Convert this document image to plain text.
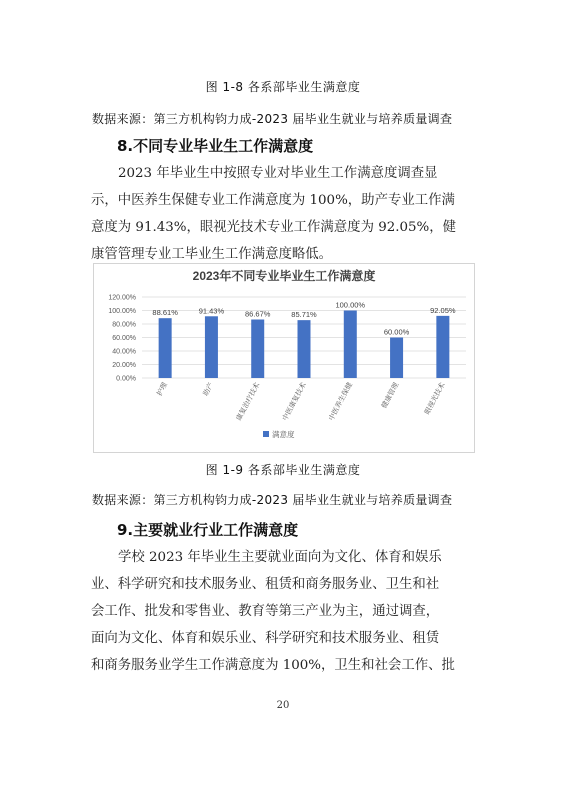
图 1-8 各系部毕业生满意度
数据来源：第三方机构钧力成-2023 届毕业生就业与培养质量调查
8.不同专业毕业生工作满意度
2023 年毕业生中按照专业对毕业生工作满意度调查显
示，中医养生保健专业工作满意度为 100%，助产专业工作满
意度为 91.43%，眼视光技术专业工作满意度为 92.05%，健
康管管理专业工毕业生工作满意度略低。
2023年不同专业毕业生工作满意度
0.00%
20.00%
40.00%
60.00%
80.00%
100.00%
120.00%
88.61%
护理
91.43%
助产
86.67%
康复治疗技术
85.71%
中医康复技术
100.00%
中医养生保健
60.00%
健康管理
92.05%
眼视光技术
满意度
图 1-9 各系部毕业生满意度
数据来源：第三方机构钧力成-2023 届毕业生就业与培养质量调查
9.主要就业行业工作满意度
学校 2023 年毕业生主要就业面向为文化、体育和娱乐
业、科学研究和技术服务业、租赁和商务服务业、卫生和社
会工作、批发和零售业、教育等第三产业为主，通过调查，
面向为文化、体育和娱乐业、科学研究和技术服务业、租赁
和商务服务业学生工作满意度为 100%，卫生和社会工作、批
20
